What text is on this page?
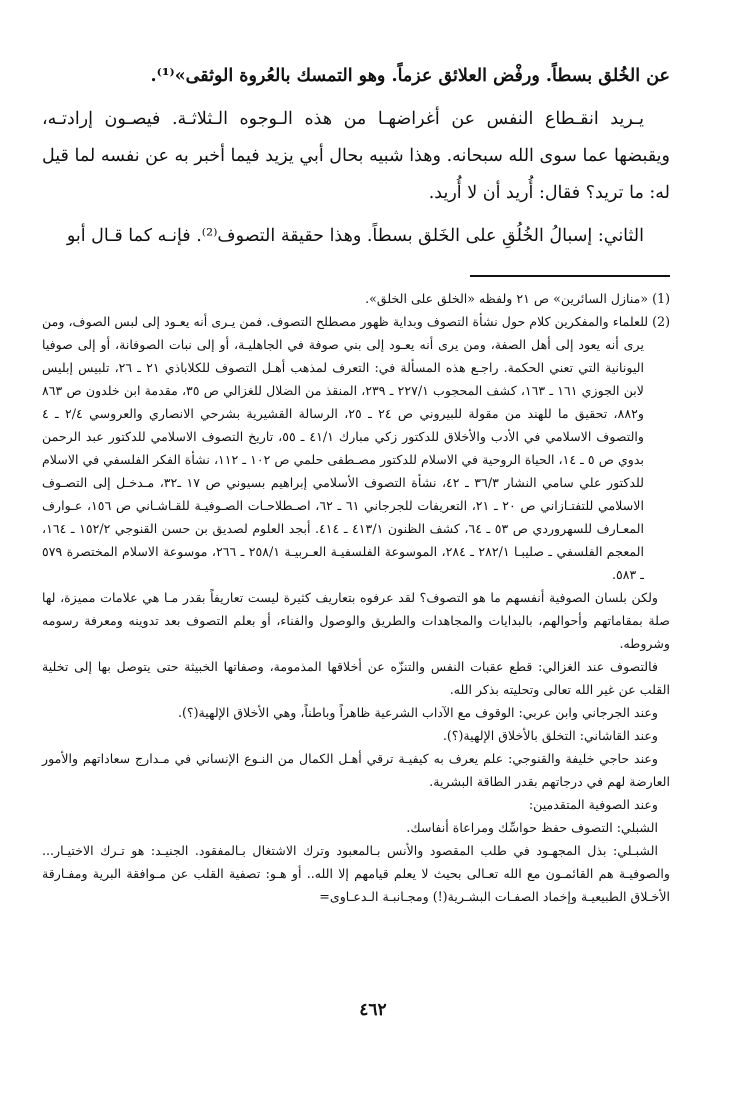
عن الخُلق بسطاً. ورفْض العلائق عزماً. وهو التمسك بالعُروة الوثقى»⁽¹⁾.

يـريد انقـطاع النفس عن أغراضهـا من هذه الـوجوه الـثلاثـة. فيصـون إرادتـه، ويقبضها عما سوى الله سبحانه. وهذا شبيه بحال أبي يزيد فيما أخبر به عن نفسه لما قيل له: ما تريد؟ فقال: أُريد أن لا أُريد.

الثاني: إسبالُ الخُلُقِ على الخَلق بسطاً. وهذا حقيقة التصوف⁽²⁾. فإنـه كما قـال أبو

(1) «منازل السائرين» ص ٢١ ولفظه «الخلق على الخلق».

(2) للعلماء والمفكرين كلام حول نشأة التصوف وبداية ظهور مصطلح التصوف. فمن يـرى أنه يعـود إلى لبس الصوف، ومن يرى أنه يعود إلى أهل الصفة، ومن يرى أنه يعـود إلى بني صوفة في الجاهليـة، أو إلى نبات الصوفانة، أو إلى صوفيا اليونانية التي تعني الحكمة. راجـع هذه المسألة في: التعرف لمذهب أهـل التصوف للكلاباذي ٢١ ـ ٢٦، تلبيس إبليس لابن الجوزي ١٦١ ـ ١٦٣، كشف المحجوب ٢٢٧/١ ـ ٢٣٩، المنقذ من الضلال للغزالي ص ٣٥، مقدمة ابن خلدون ص ٨٦٣ و٨٨٢، تحقيق ما للهند من مقولة للبيروني ص ٢٤ ـ ٢٥، الرسالة القشيرية بشرحي الانصاري والعروسي ٢/٤ ـ ٤ والتصوف الاسلامي في الأدب والأخلاق للدكتور زكي مبارك ٤١/١ ـ ٥٥، تاريخ التصوف الاسلامي للدكتور عبد الرحمن بدوي ص ٥ ـ ١٤، الحياة الروحية في الاسلام للدكتور مصـطفى حلمي ص ١٠٢ ـ ١١٢، نشأة الفكر الفلسفي في الاسلام للدكتور علي سامي النشار ٣٦/٣ ـ ٤٢، نشأة التصوف الأسلامي إبراهيم بسيوني ص ١٧ ـ٣٢، مـدخـل إلى التصـوف الاسلامي للتفتـازاني ص ٢٠ ـ ٢١، التعريفات للجرجاني ٦١ ـ ٦٢، اصـطلاحـات الصـوفيـة للقـاشـاني ص ١٥٦، عـوارف المعـارف للسهروردي ص ٥٣ ـ ٦٤، كشف الظنون ٤١٣/١ ـ ٤١٤. أبجد العلوم لصديق بن حسن القنوجي ١٥٢/٢ ـ ١٦٤، المعجم الفلسفي ـ صليبـا ٢٨٢/١ ـ ٢٨٤، الموسوعة الفلسفيـة العـربيـة ٢٥٨/١ ـ ٢٦٦، موسوعة الاسلام المختصرة ٥٧٩ ـ ٥٨٣.

ولكن بلسان الصوفية أنفسهم ما هو التصوف؟ لقد عرفوه بتعاريف كثيرة ليست تعاريفاً بقدر مـا هي علامات مميزة، لها صلة بمقاماتهم وأحوالهم، بالبدايات والمجاهدات والطريق والوصول والفناء، أو بعلم التصوف بعد تدوينه ومعرفة رسومه وشروطه.

فالتصوف عند الغزالي: قطع عقبات النفس والتنزّه عن أخلاقها المذمومة، وصفاتها الخبيثة حتى يتوصل بها إلى تخلية القلب عن غير الله تعالى وتحليته بذكر الله.

وعند الجرجاني وابن عربي: الوقوف مع الآداب الشرعية ظاهراً وباطناً، وهي الأخلاق الإلهية(؟).

وعند القاشاني: التخلق بالأخلاق الإلهية(؟).

وعند حاجي خليفة والقنوجي: علم يعرف به كيفيـة ترقي أهـل الكمال من النـوع الإنساني في مـدارج سعاداتهم والأمور العارضة لهم في درجاتهم بقدر الطاقة البشرية.

وعند الصوفية المتقدمين:

الشبلي: التصوف حفظ حواسِّك ومراعاة أنفاسك.

الشبـلي: بذل المجهـود في طلب المقصود والأنس بـالمعبود وترك الاشتغال بـالمفقود. الجنيـد: هو تـرك الاختيـار... والصوفيـة هم القائمـون مع الله تعـالى بحيث لا يعلم قيامهم إلا الله.. أو هـو: تصفية القلب عن مـوافقة البرية ومفـارقة الأخـلاق الطبيعيـة وإخماد الصفـات البشـرية(!) ومجـانبـة الـدعـاوى=

٤٦٢
